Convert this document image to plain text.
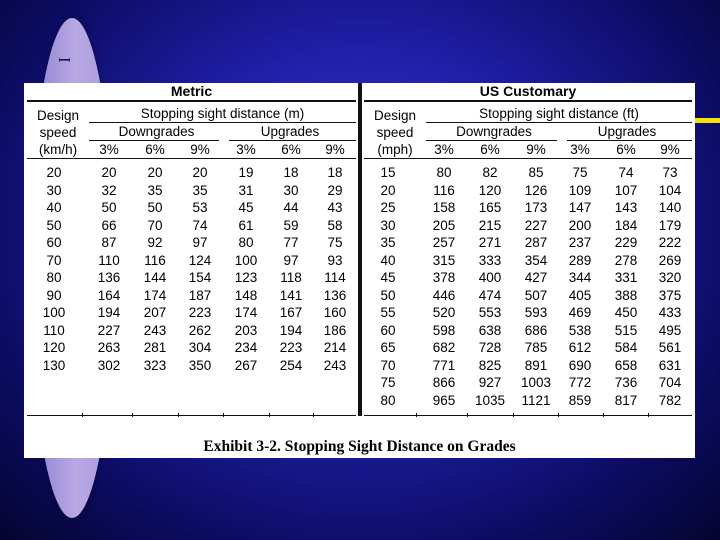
I
Metric
Design
speed
(km/h)
Stopping sight distance (m)
Downgrades	Upgrades
3%	6%	9%	3%	6%	9%
20	20	20	20	19	18	18
30	32	35	35	31	30	29
40	50	50	53	45	44	43
50	66	70	74	61	59	58
60	87	92	97	80	77	75
70	110	116	124	100	97	93
80	136	144	154	123	118	114
90	164	174	187	148	141	136
100	194	207	223	174	167	160
110	227	243	262	203	194	186
120	263	281	304	234	223	214
130	302	323	350	267	254	243
US Customary
Design
speed
(mph)
Stopping sight distance (ft)
Downgrades	Upgrades
3%	6%	9%	3%	6%	9%
15	80	82	85	75	74	73
20	116	120	126	109	107	104
25	158	165	173	147	143	140
30	205	215	227	200	184	179
35	257	271	287	237	229	222
40	315	333	354	289	278	269
45	378	400	427	344	331	320
50	446	474	507	405	388	375
55	520	553	593	469	450	433
60	598	638	686	538	515	495
65	682	728	785	612	584	561
70	771	825	891	690	658	631
75	866	927	1003	772	736	704
80	965	1035	1121	859	817	782
Exhibit 3-2. Stopping Sight Distance on Grades
